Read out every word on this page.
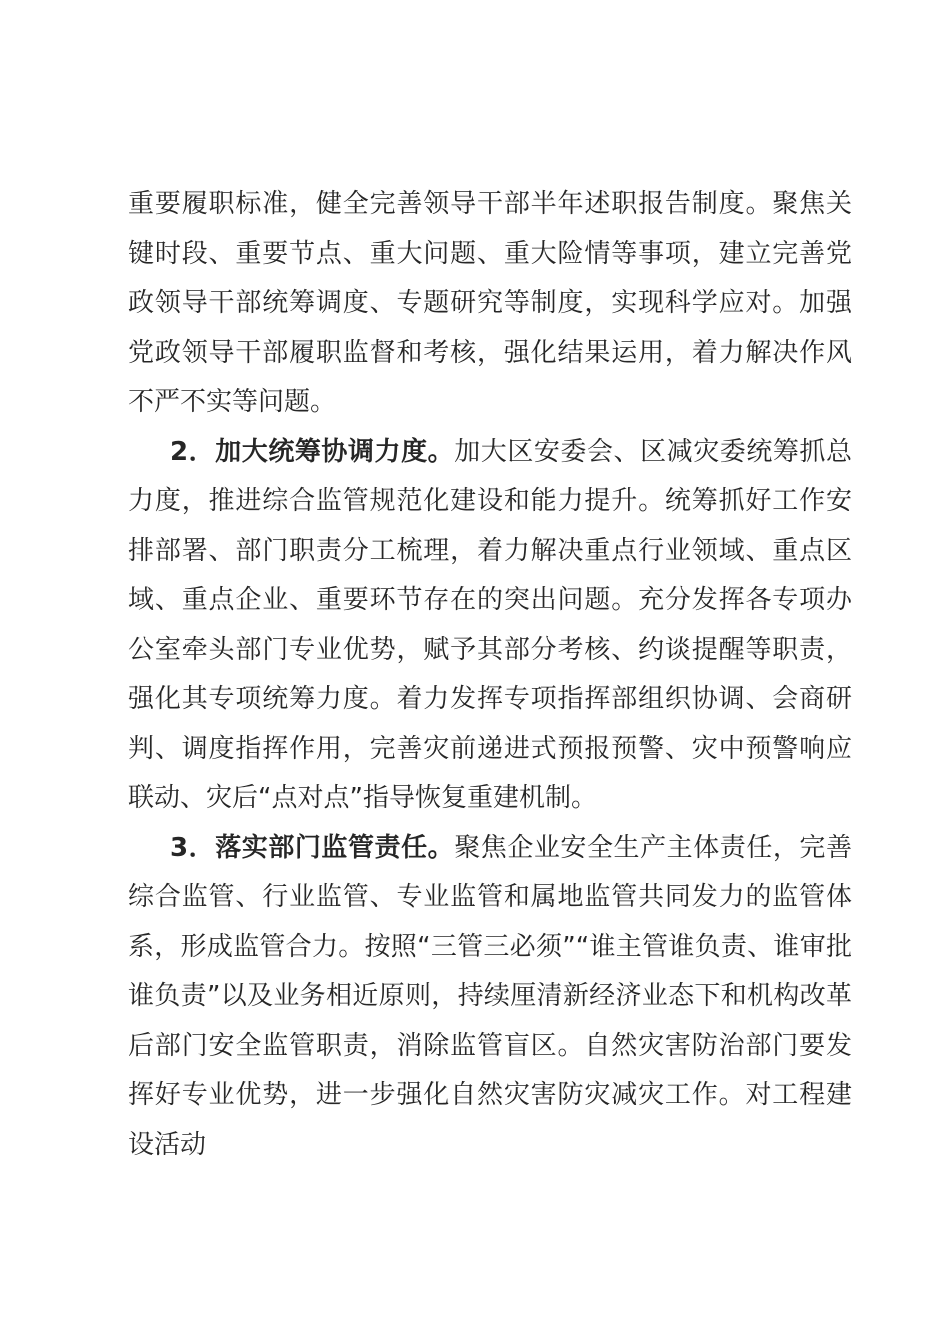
重要履职标准，健全完善领导干部半年述职报告制度。聚焦关键时段、重要节点、重大问题、重大险情等事项，建立完善党政领导干部统筹调度、专题研究等制度，实现科学应对。加强党政领导干部履职监督和考核，强化结果运用，着力解决作风不严不实等问题。

2．加大统筹协调力度。加大区安委会、区减灾委统筹抓总力度，推进综合监管规范化建设和能力提升。统筹抓好工作安排部署、部门职责分工梳理，着力解决重点行业领域、重点区域、重点企业、重要环节存在的突出问题。充分发挥各专项办公室牵头部门专业优势，赋予其部分考核、约谈提醒等职责，强化其专项统筹力度。着力发挥专项指挥部组织协调、会商研判、调度指挥作用，完善灾前递进式预报预警、灾中预警响应联动、灾后“点对点”指导恢复重建机制。

3．落实部门监管责任。聚焦企业安全生产主体责任，完善综合监管、行业监管、专业监管和属地监管共同发力的监管体系，形成监管合力。按照“三管三必须”“谁主管谁负责、谁审批谁负责”以及业务相近原则，持续厘清新经济业态下和机构改革后部门安全监管职责，消除监管盲区。自然灾害防治部门要发挥好专业优势，进一步强化自然灾害防灾减灾工作。对工程建设活动
